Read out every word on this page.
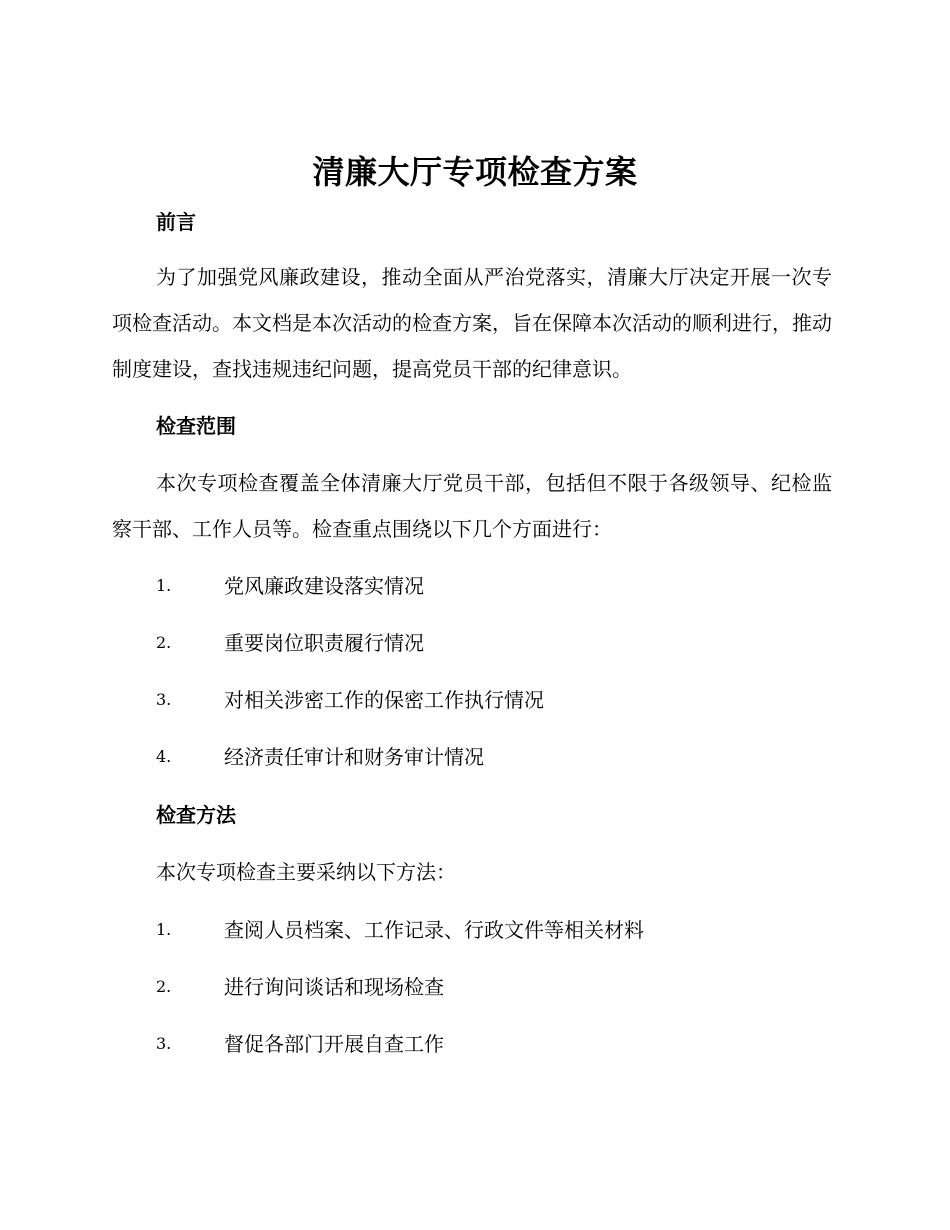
清廉大厅专项检查方案
前言
为了加强党风廉政建设，推动全面从严治党落实，清廉大厅决定开展一次专项检查活动。本文档是本次活动的检查方案，旨在保障本次活动的顺利进行，推动制度建设，查找违规违纪问题，提高党员干部的纪律意识。
检查范围
本次专项检查覆盖全体清廉大厅党员干部，包括但不限于各级领导、纪检监察干部、工作人员等。检查重点围绕以下几个方面进行：
1.	党风廉政建设落实情况
2.	重要岗位职责履行情况
3.	对相关涉密工作的保密工作执行情况
4.	经济责任审计和财务审计情况
检查方法
本次专项检查主要采纳以下方法：
1.	查阅人员档案、工作记录、行政文件等相关材料
2.	进行询问谈话和现场检查
3.	督促各部门开展自查工作
